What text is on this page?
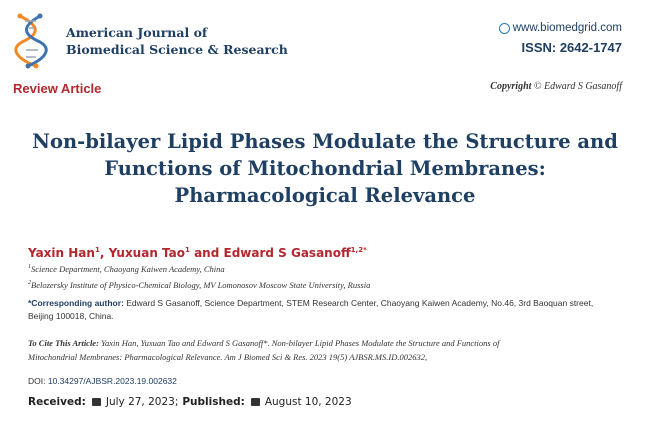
American Journal of
Biomedical Science & Research
www.biomedgrid.com
ISSN: 2642-1747
Review Article	Copyright © Edward S Gasanoff
Non-bilayer Lipid Phases Modulate the Structure and
Functions of Mitochondrial Membranes:
Pharmacological Relevance
Yaxin Han$^1$, Yuxuan Tao$^1$ and Edward S Gasanoff$^{1,2*}$
$^1$Science Department, Chaoyang Kaiwen Academy, China
$^2$Belozersky Institute of Physico-Chemical Biology, MV Lomonosov Moscow State University, Russia
*Corresponding author: Edward S Gasanoff, Science Department, STEM Research Center, Chaoyang Kaiwen Academy, No.46, 3rd Baoquan street,
Beijing 100018, China.
To Cite This Article: Yaxin Han, Yuxuan Tao and Edward S Gasanoff*. Non-bilayer Lipid Phases Modulate the Structure and Functions of
Mitochondrial Membranes: Pharmacological Relevance. Am J Biomed Sci & Res. 2023 19(5) AJBSR.MS.ID.002632,
DOI: 10.34297/AJBSR.2023.19.002632
Received: July 27, 2023; Published: August 10, 2023
